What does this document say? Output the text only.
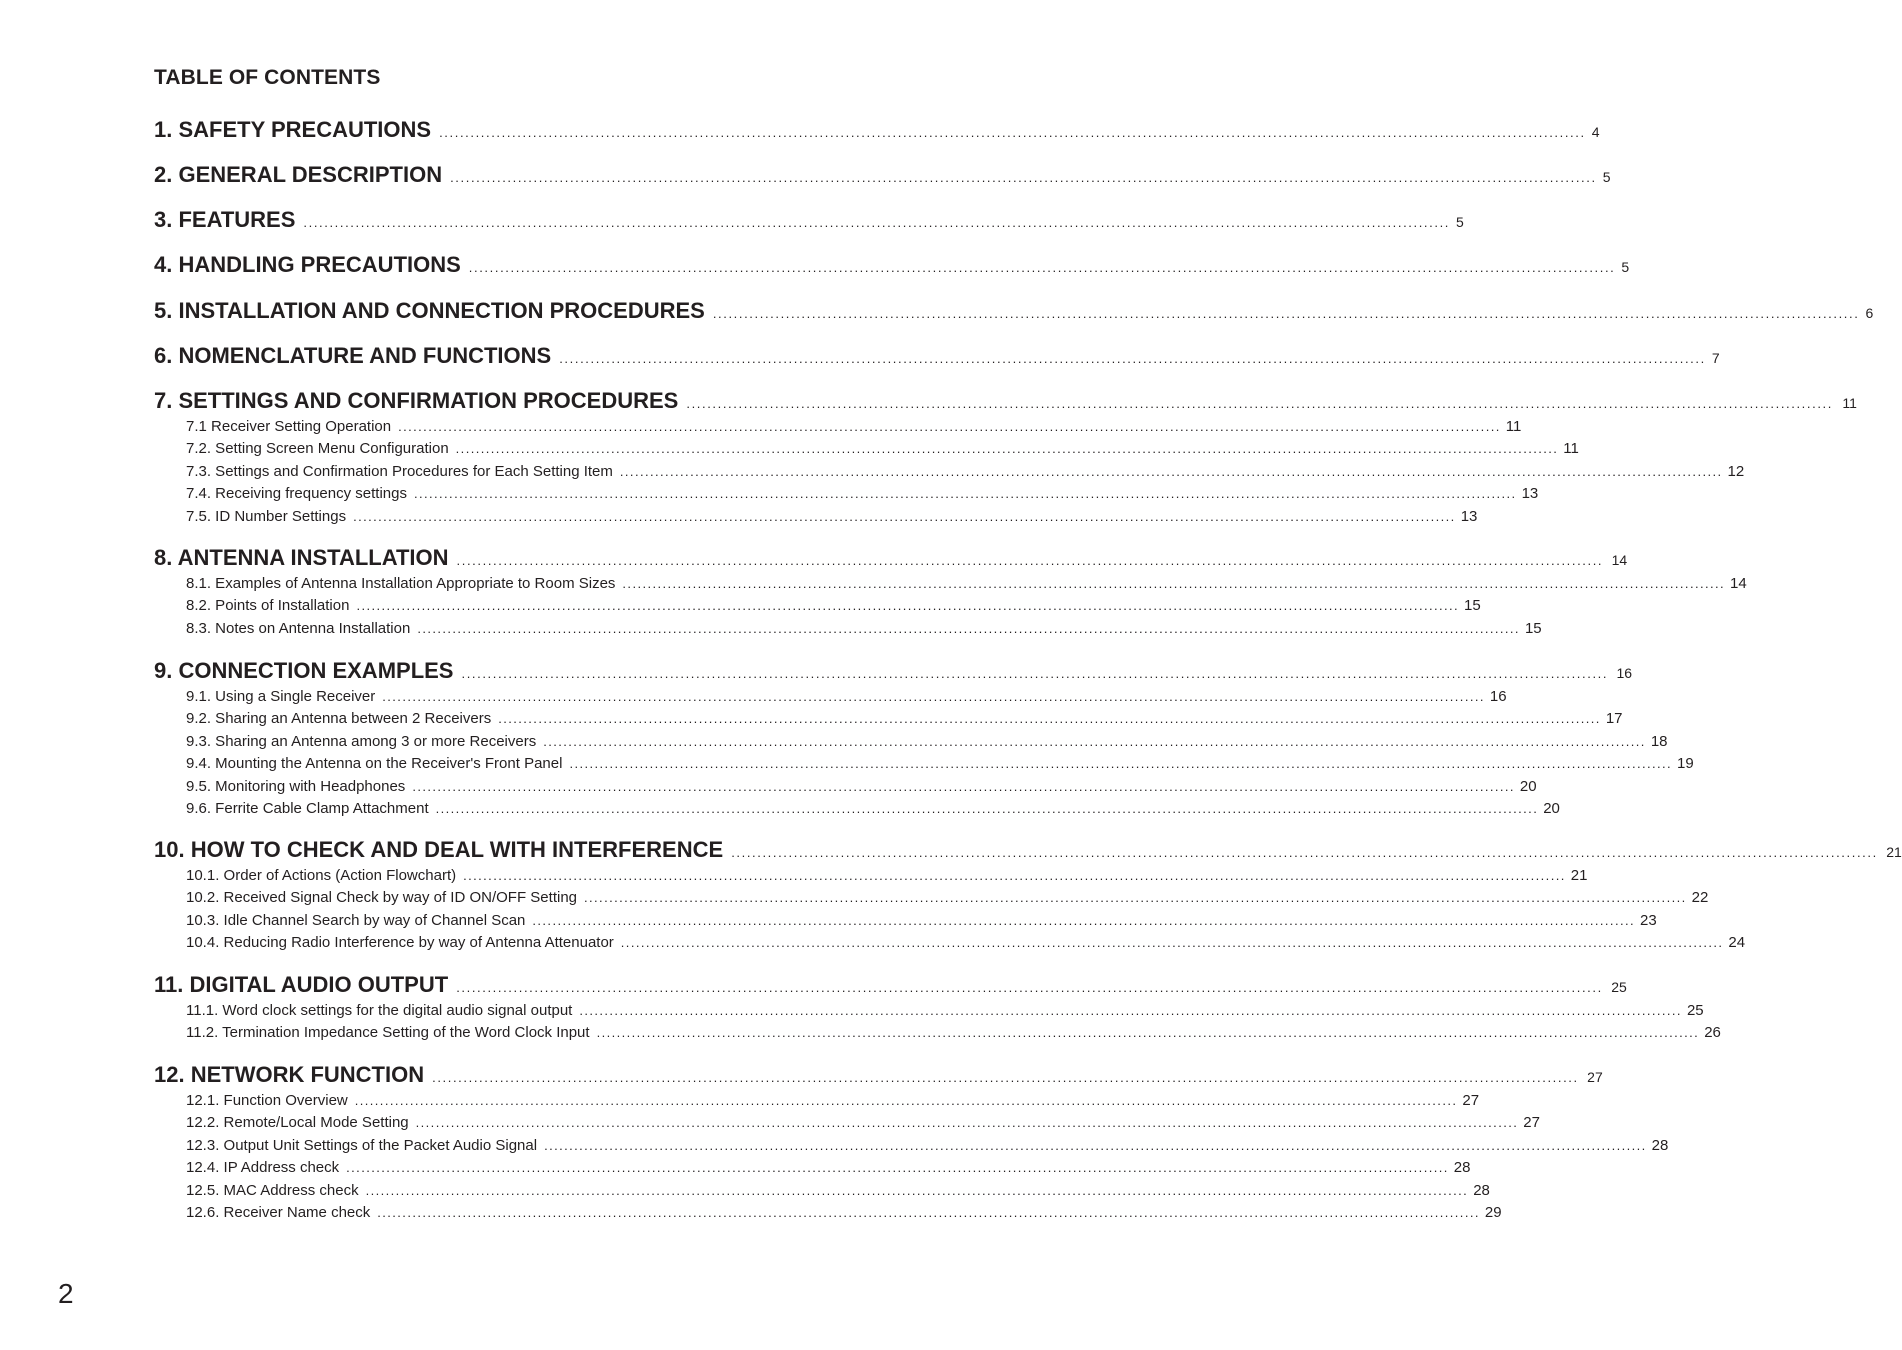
TABLE OF CONTENTS
1. SAFETY PRECAUTIONS ............................................................................................................................................................................................................................ 4
2. GENERAL DESCRIPTION ............................................................................................................................................................................................................................ 5
3. FEATURES ............................................................................................................................................................................................................................ 5
4. HANDLING PRECAUTIONS ............................................................................................................................................................................................................................ 5
5. INSTALLATION AND CONNECTION PROCEDURES ............................................................................................................................................................................................................................ 6
6. NOMENCLATURE AND FUNCTIONS ............................................................................................................................................................................................................................ 7
7. SETTINGS AND CONFIRMATION PROCEDURES ............................................................................................................................................................................................................................ 11
7.1 Receiver Setting Operation ............................................................................................................................................................................................................................ 11
7.2. Setting Screen Menu Configuration ............................................................................................................................................................................................................................ 11
7.3. Settings and Confirmation Procedures for Each Setting Item ............................................................................................................................................................................................................................ 12
7.4. Receiving frequency settings ............................................................................................................................................................................................................................ 13
7.5. ID Number Settings ............................................................................................................................................................................................................................ 13
8. ANTENNA INSTALLATION ............................................................................................................................................................................................................................ 14
8.1. Examples of Antenna Installation Appropriate to Room Sizes ............................................................................................................................................................................................................................ 14
8.2. Points of Installation ............................................................................................................................................................................................................................ 15
8.3. Notes on Antenna Installation ............................................................................................................................................................................................................................ 15
9. CONNECTION EXAMPLES ............................................................................................................................................................................................................................ 16
9.1. Using a Single Receiver ............................................................................................................................................................................................................................ 16
9.2. Sharing an Antenna between 2 Receivers ............................................................................................................................................................................................................................ 17
9.3. Sharing an Antenna among 3 or more Receivers ............................................................................................................................................................................................................................ 18
9.4. Mounting the Antenna on the Receiver's Front Panel ............................................................................................................................................................................................................................ 19
9.5. Monitoring with Headphones ............................................................................................................................................................................................................................ 20
9.6. Ferrite Cable Clamp Attachment ............................................................................................................................................................................................................................ 20
10. HOW TO CHECK AND DEAL WITH INTERFERENCE ............................................................................................................................................................................................................................ 21
10.1. Order of Actions (Action Flowchart) ............................................................................................................................................................................................................................ 21
10.2. Received Signal Check by way of ID ON/OFF Setting ............................................................................................................................................................................................................................ 22
10.3. Idle Channel Search by way of Channel Scan ............................................................................................................................................................................................................................ 23
10.4. Reducing Radio Interference by way of Antenna Attenuator ............................................................................................................................................................................................................................ 24
11. DIGITAL AUDIO OUTPUT ............................................................................................................................................................................................................................ 25
11.1. Word clock settings for the digital audio signal output ............................................................................................................................................................................................................................ 25
11.2. Termination Impedance Setting of the Word Clock Input ............................................................................................................................................................................................................................ 26
12. NETWORK FUNCTION ............................................................................................................................................................................................................................ 27
12.1. Function Overview ............................................................................................................................................................................................................................ 27
12.2. Remote/Local Mode Setting ............................................................................................................................................................................................................................ 27
12.3. Output Unit Settings of the Packet Audio Signal ............................................................................................................................................................................................................................ 28
12.4. IP Address check ............................................................................................................................................................................................................................ 28
12.5. MAC Address check ............................................................................................................................................................................................................................ 28
12.6. Receiver Name check ............................................................................................................................................................................................................................ 29
2
